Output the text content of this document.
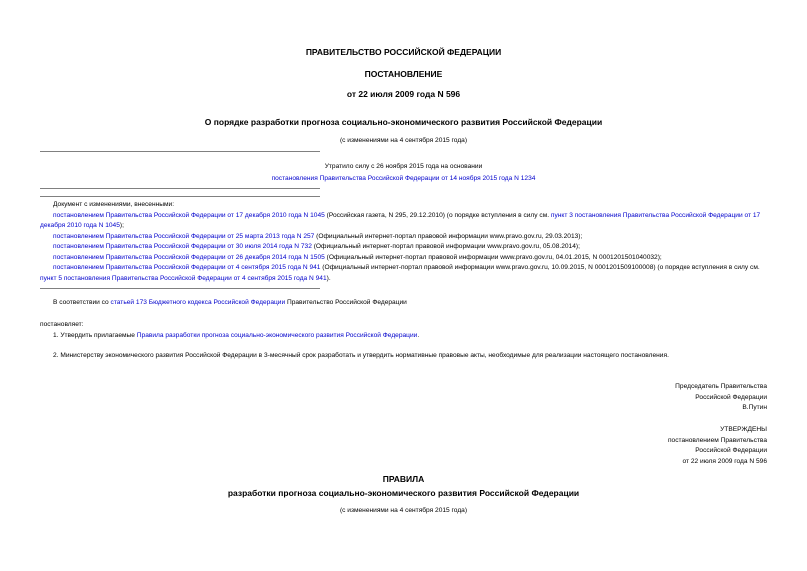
ПРАВИТЕЛЬСТВО РОССИЙСКОЙ ФЕДЕРАЦИИ
ПОСТАНОВЛЕНИЕ
от 22 июля 2009 года N 596
О порядке разработки прогноза социально-экономического развития Российской Федерации
(с изменениями на 4 сентября 2015 года)
Утратило силу с 26 ноября 2015 года на основании
постановления Правительства Российской Федерации от 14 ноября 2015 года N 1234
Документ с изменениями, внесенными:
постановлением Правительства Российской Федерации от 17 декабря 2010 года N 1045 (Российская газета, N 295, 29.12.2010) (о порядке вступления в силу см. пункт 3 постановления Правительства Российской Федерации от 17 декабря 2010 года N 1045);
постановлением Правительства Российской Федерации от 25 марта 2013 года N 257 (Официальный интернет-портал правовой информации www.pravo.gov.ru, 29.03.2013);
постановлением Правительства Российской Федерации от 30 июля 2014 года N 732 (Официальный интернет-портал правовой информации www.pravo.gov.ru, 05.08.2014);
постановлением Правительства Российской Федерации от 26 декабря 2014 года N 1505 (Официальный интернет-портал правовой информации www.pravo.gov.ru, 04.01.2015, N 0001201501040032);
постановлением Правительства Российской Федерации от 4 сентября 2015 года N 941 (Официальный интернет-портал правовой информации www.pravo.gov.ru, 10.09.2015, N 0001201509100008) (о порядке вступления в силу см. пункт 5 постановления Правительства Российской Федерации от 4 сентября 2015 года N 941).
В соответствии со статьей 173 Бюджетного кодекса Российской Федерации Правительство Российской Федерации
постановляет:
1. Утвердить прилагаемые Правила разработки прогноза социально-экономического развития Российской Федерации.
2. Министерству экономического развития Российской Федерации в 3-месячный срок разработать и утвердить нормативные правовые акты, необходимые для реализации настоящего постановления.
Председатель Правительства
Российской Федерации
В.Путин
УТВЕРЖДЕНЫ
постановлением Правительства
Российской Федерации
от 22 июля 2009 года N 596
ПРАВИЛА
разработки прогноза социально-экономического развития Российской Федерации
(с изменениями на 4 сентября 2015 года)
